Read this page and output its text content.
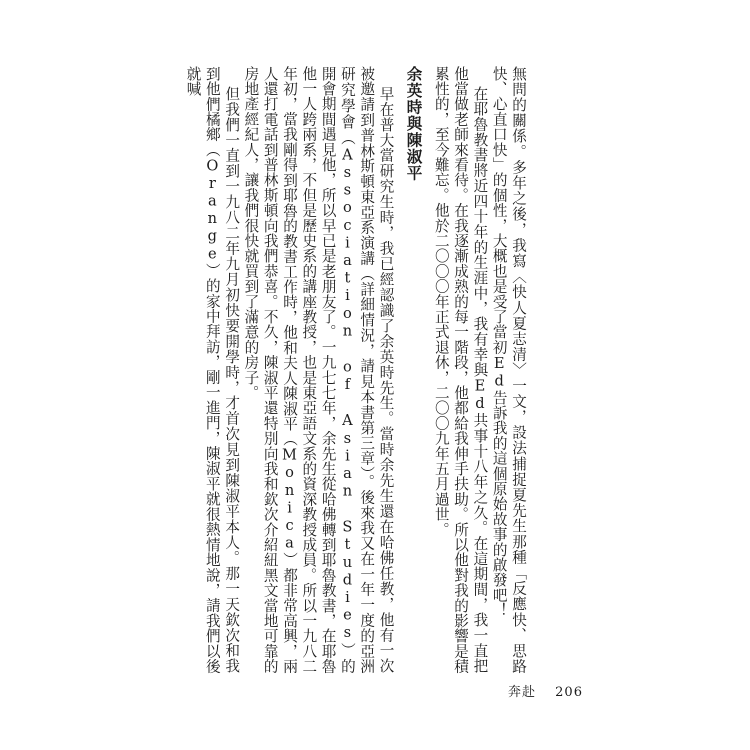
無問的關係。多年之後，我寫〈快人夏志清〉一文，設法捕捉夏先生那種「反應快、思路快、心直口快」的個性，大概也是受了當初Ed告訴我的這個原始故事的啟發吧！

在耶魯教書將近四十年的生涯中，我有幸與Ed共事十八年之久。在這期間，我一直把他當做老師來看待。在我逐漸成熟的每一階段，他都給我伸手扶助。所以他對我的影響是積累性的，至今難忘。他於二〇〇〇年正式退休，二〇〇九年五月過世。

余英時與陳淑平

早在普大當研究生時，我已經認識了余英時先生。當時余先生還在哈佛任教，他有一次被邀請到普林斯頓東亞系演講（詳細情況，請見本書第三章）。後來我又在一年一度的亞洲研究學會（Association of Asian Studies）的開會期間遇見他，所以早已是老朋友了。一九七七年，余先生從哈佛轉到耶魯教書，在耶魯他一人跨兩系，不但是歷史系的講座教授，也是東亞語文系的資深教授成員。所以一九八二年初，當我剛得到耶魯的教書工作時，他和夫人陳淑平（Monica）都非常高興，兩人還打電話到普林斯頓向我們恭喜。不久，陳淑平還特別向我和欽次介紹紐黑文當地可靠的房地產經紀人，讓我們很快就買到了滿意的房子。

但我們一直到一九八二年九月初快要開學時，才首次見到陳淑平本人。那一天欽次和我到他們橘鄉（Orange）的家中拜訪，剛一進門，陳淑平就很熱情地說，請我們以後就喊

奔赴 206
